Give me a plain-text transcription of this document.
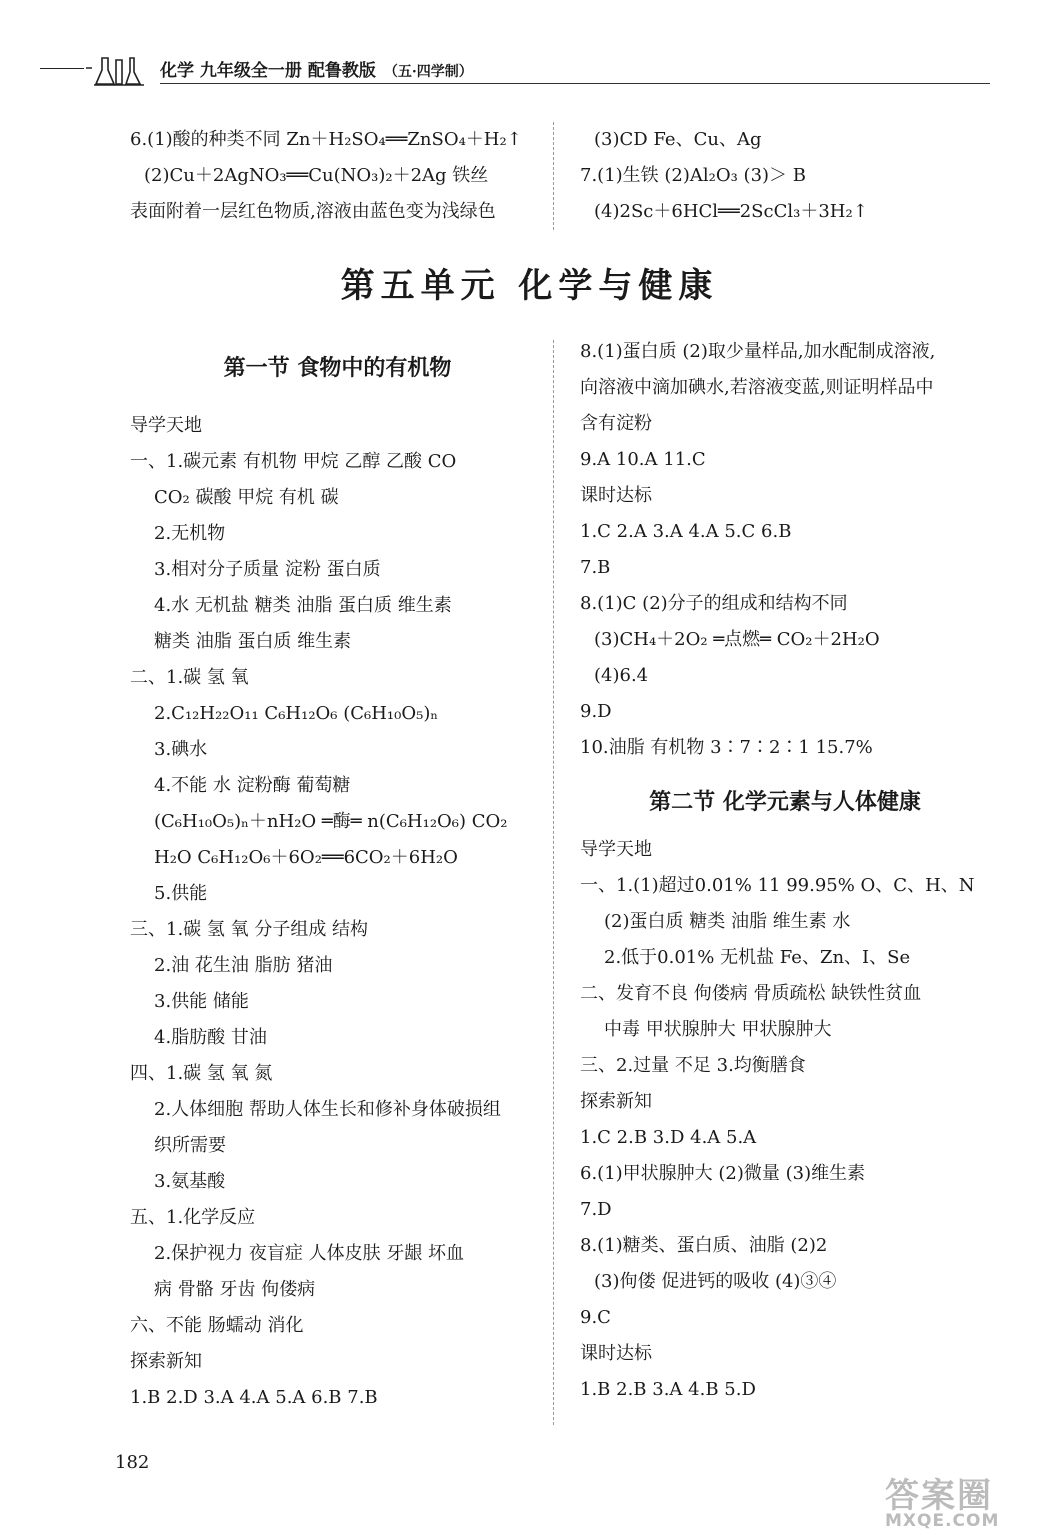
化学 九年级全一册 配鲁教版 （五·四学制）
6.(1)酸的种类不同 Zn＋H₂SO₄══ZnSO₄＋H₂↑
(2)Cu＋2AgNO₃══Cu(NO₃)₂＋2Ag 铁丝
表面附着一层红色物质,溶液由蓝色变为浅绿色
(3)CD Fe、Cu、Ag
7.(1)生铁 (2)Al₂O₃ (3)＞ B
(4)2Sc＋6HCl══2ScCl₃＋3H₂↑
第五单元 化学与健康
第一节 食物中的有机物
导学天地
一、1.碳元素 有机物 甲烷 乙醇 乙酸 CO
CO₂ 碳酸 甲烷 有机 碳
2.无机物
3.相对分子质量 淀粉 蛋白质
4.水 无机盐 糖类 油脂 蛋白质 维生素
糖类 油脂 蛋白质 维生素
二、1.碳 氢 氧
2.C₁₂H₂₂O₁₁ C₆H₁₂O₆ (C₆H₁₀O₅)ₙ
3.碘水
4.不能 水 淀粉酶 葡萄糖
(C₆H₁₀O₅)ₙ＋nH₂O ═酶═ n(C₆H₁₂O₆) CO₂
H₂O C₆H₁₂O₆＋6O₂══6CO₂＋6H₂O
5.供能
三、1.碳 氢 氧 分子组成 结构
2.油 花生油 脂肪 猪油
3.供能 储能
4.脂肪酸 甘油
四、1.碳 氢 氧 氮
2.人体细胞 帮助人体生长和修补身体破损组
织所需要
3.氨基酸
五、1.化学反应
2.保护视力 夜盲症 人体皮肤 牙龈 坏血
病 骨骼 牙齿 佝偻病
六、不能 肠蠕动 消化
探索新知
1.B 2.D 3.A 4.A 5.A 6.B 7.B
8.(1)蛋白质 (2)取少量样品,加水配制成溶液,
向溶液中滴加碘水,若溶液变蓝,则证明样品中
含有淀粉
9.A 10.A 11.C
课时达标
1.C 2.A 3.A 4.A 5.C 6.B
7.B
8.(1)C (2)分子的组成和结构不同
(3)CH₄＋2O₂ ═点燃═ CO₂＋2H₂O
(4)6.4
9.D
10.油脂 有机物 3∶7∶2∶1 15.7%
第二节 化学元素与人体健康
导学天地
一、1.(1)超过0.01% 11 99.95% O、C、H、N
(2)蛋白质 糖类 油脂 维生素 水
2.低于0.01% 无机盐 Fe、Zn、I、Se
二、发育不良 佝偻病 骨质疏松 缺铁性贫血
中毒 甲状腺肿大 甲状腺肿大
三、2.过量 不足 3.均衡膳食
探索新知
1.C 2.B 3.D 4.A 5.A
6.(1)甲状腺肿大 (2)微量 (3)维生素
7.D
8.(1)糖类、蛋白质、油脂 (2)2
(3)佝偻 促进钙的吸收 (4)③④
9.C
课时达标
1.B 2.B 3.A 4.B 5.D
182
答案圈
MXQE.COM
